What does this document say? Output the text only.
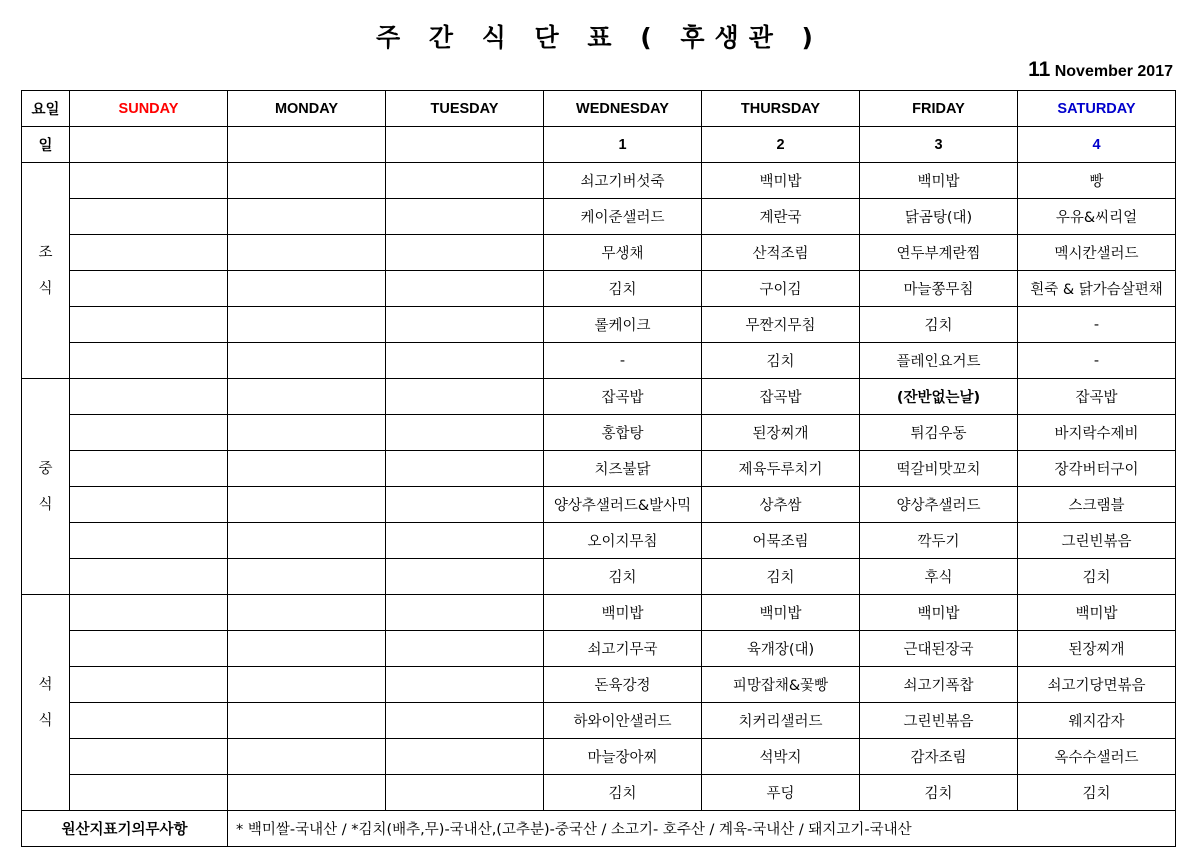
주 간 식 단 표 ( 후생관 )
11 November 2017
요일	SUNDAY	MONDAY	TUESDAY	WEDNESDAY	THURSDAY	FRIDAY	SATURDAY
일				1	2	3	4

조
식				쇠고기버섯죽	백미밥	백미밥	빵
				케이준샐러드	계란국	닭곰탕(대)	우유&씨리얼
				무생채	산적조림	연두부계란찜	멕시칸샐러드
				김치	구이김	마늘쫑무침	흰죽 & 닭가슴살편채
				롤케이크	무짠지무침	김치	-
				-	김치	플레인요거트	-

중
식				잡곡밥	잡곡밥	(잔반없는날)	잡곡밥
				홍합탕	된장찌개	튀김우동	바지락수제비
				치즈불닭	제육두루치기	떡갈비맛꼬치	장각버터구이
				양상추샐러드&발사믹	상추쌈	양상추샐러드	스크램블
				오이지무침	어묵조림	깍두기	그린빈볶음
				김치	김치	후식	김치

석
식				백미밥	백미밥	백미밥	백미밥
				쇠고기무국	육개장(대)	근대된장국	된장찌개
				돈육강정	피망잡채&꽃빵	쇠고기폭찹	쇠고기당면볶음
				하와이안샐러드	치커리샐러드	그린빈볶음	웨지감자
				마늘장아찌	석박지	감자조림	옥수수샐러드
				김치	푸딩	김치	김치
원산지표기의무사항		* 백미쌀-국내산 / *김치(배추,무)-국내산,(고추분)-중국산 / 소고기- 호주산 / 계육-국내산 / 돼지고기-국내산					
